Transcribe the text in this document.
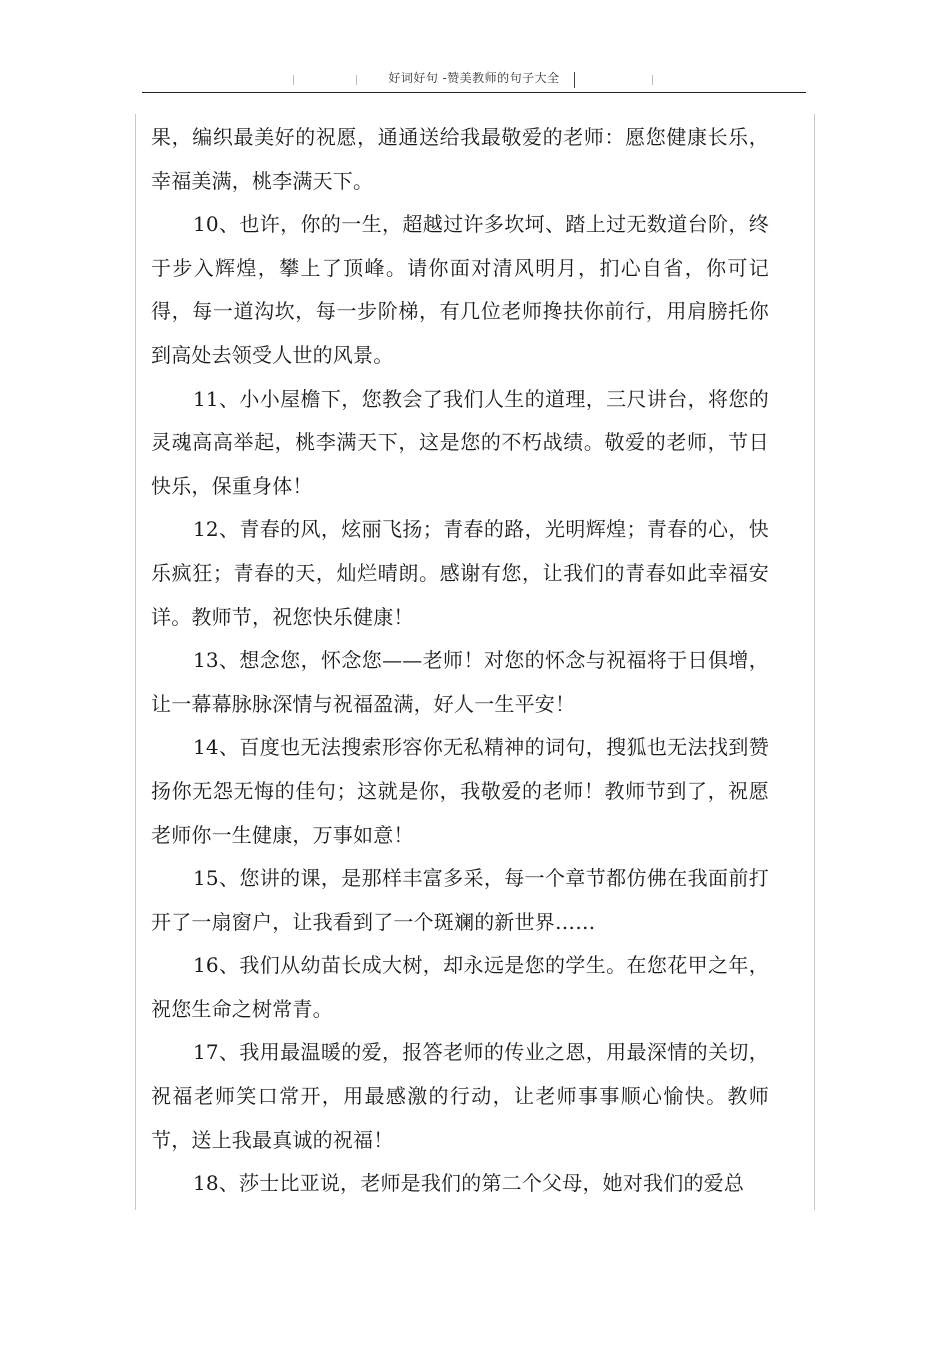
好词好句 -赞美教师的句子大全

果，编织最美好的祝愿，通通送给我最敬爱的老师：愿您健康长乐，幸福美满，桃李满天下。

10、也许，你的一生，超越过许多坎坷、踏上过无数道台阶，终于步入辉煌，攀上了顶峰。请你面对清风明月，扪心自省，你可记得，每一道沟坎，每一步阶梯，有几位老师搀扶你前行，用肩膀托你到高处去领受人世的风景。

11、小小屋檐下，您教会了我们人生的道理，三尺讲台，将您的灵魂高高举起，桃李满天下，这是您的不朽战绩。敬爱的老师，节日快乐，保重身体！

12、青春的风，炫丽飞扬；青春的路，光明辉煌；青春的心，快乐疯狂；青春的天，灿烂晴朗。感谢有您，让我们的青春如此幸福安详。教师节，祝您快乐健康！

13、想念您，怀念您——老师！对您的怀念与祝福将于日俱增，让一幕幕脉脉深情与祝福盈满，好人一生平安！

14、百度也无法搜索形容你无私精神的词句，搜狐也无法找到赞扬你无怨无悔的佳句；这就是你，我敬爱的老师！教师节到了，祝愿老师你一生健康，万事如意！

15、您讲的课，是那样丰富多采，每一个章节都仿佛在我面前打开了一扇窗户，让我看到了一个斑斓的新世界……

16、我们从幼苗长成大树，却永远是您的学生。在您花甲之年，祝您生命之树常青。

17、我用最温暖的爱，报答老师的传业之恩，用最深情的关切，祝福老师笑口常开，用最感激的行动，让老师事事顺心愉快。教师节，送上我最真诚的祝福！

18、莎士比亚说，老师是我们的第二个父母，她对我们的爱总
